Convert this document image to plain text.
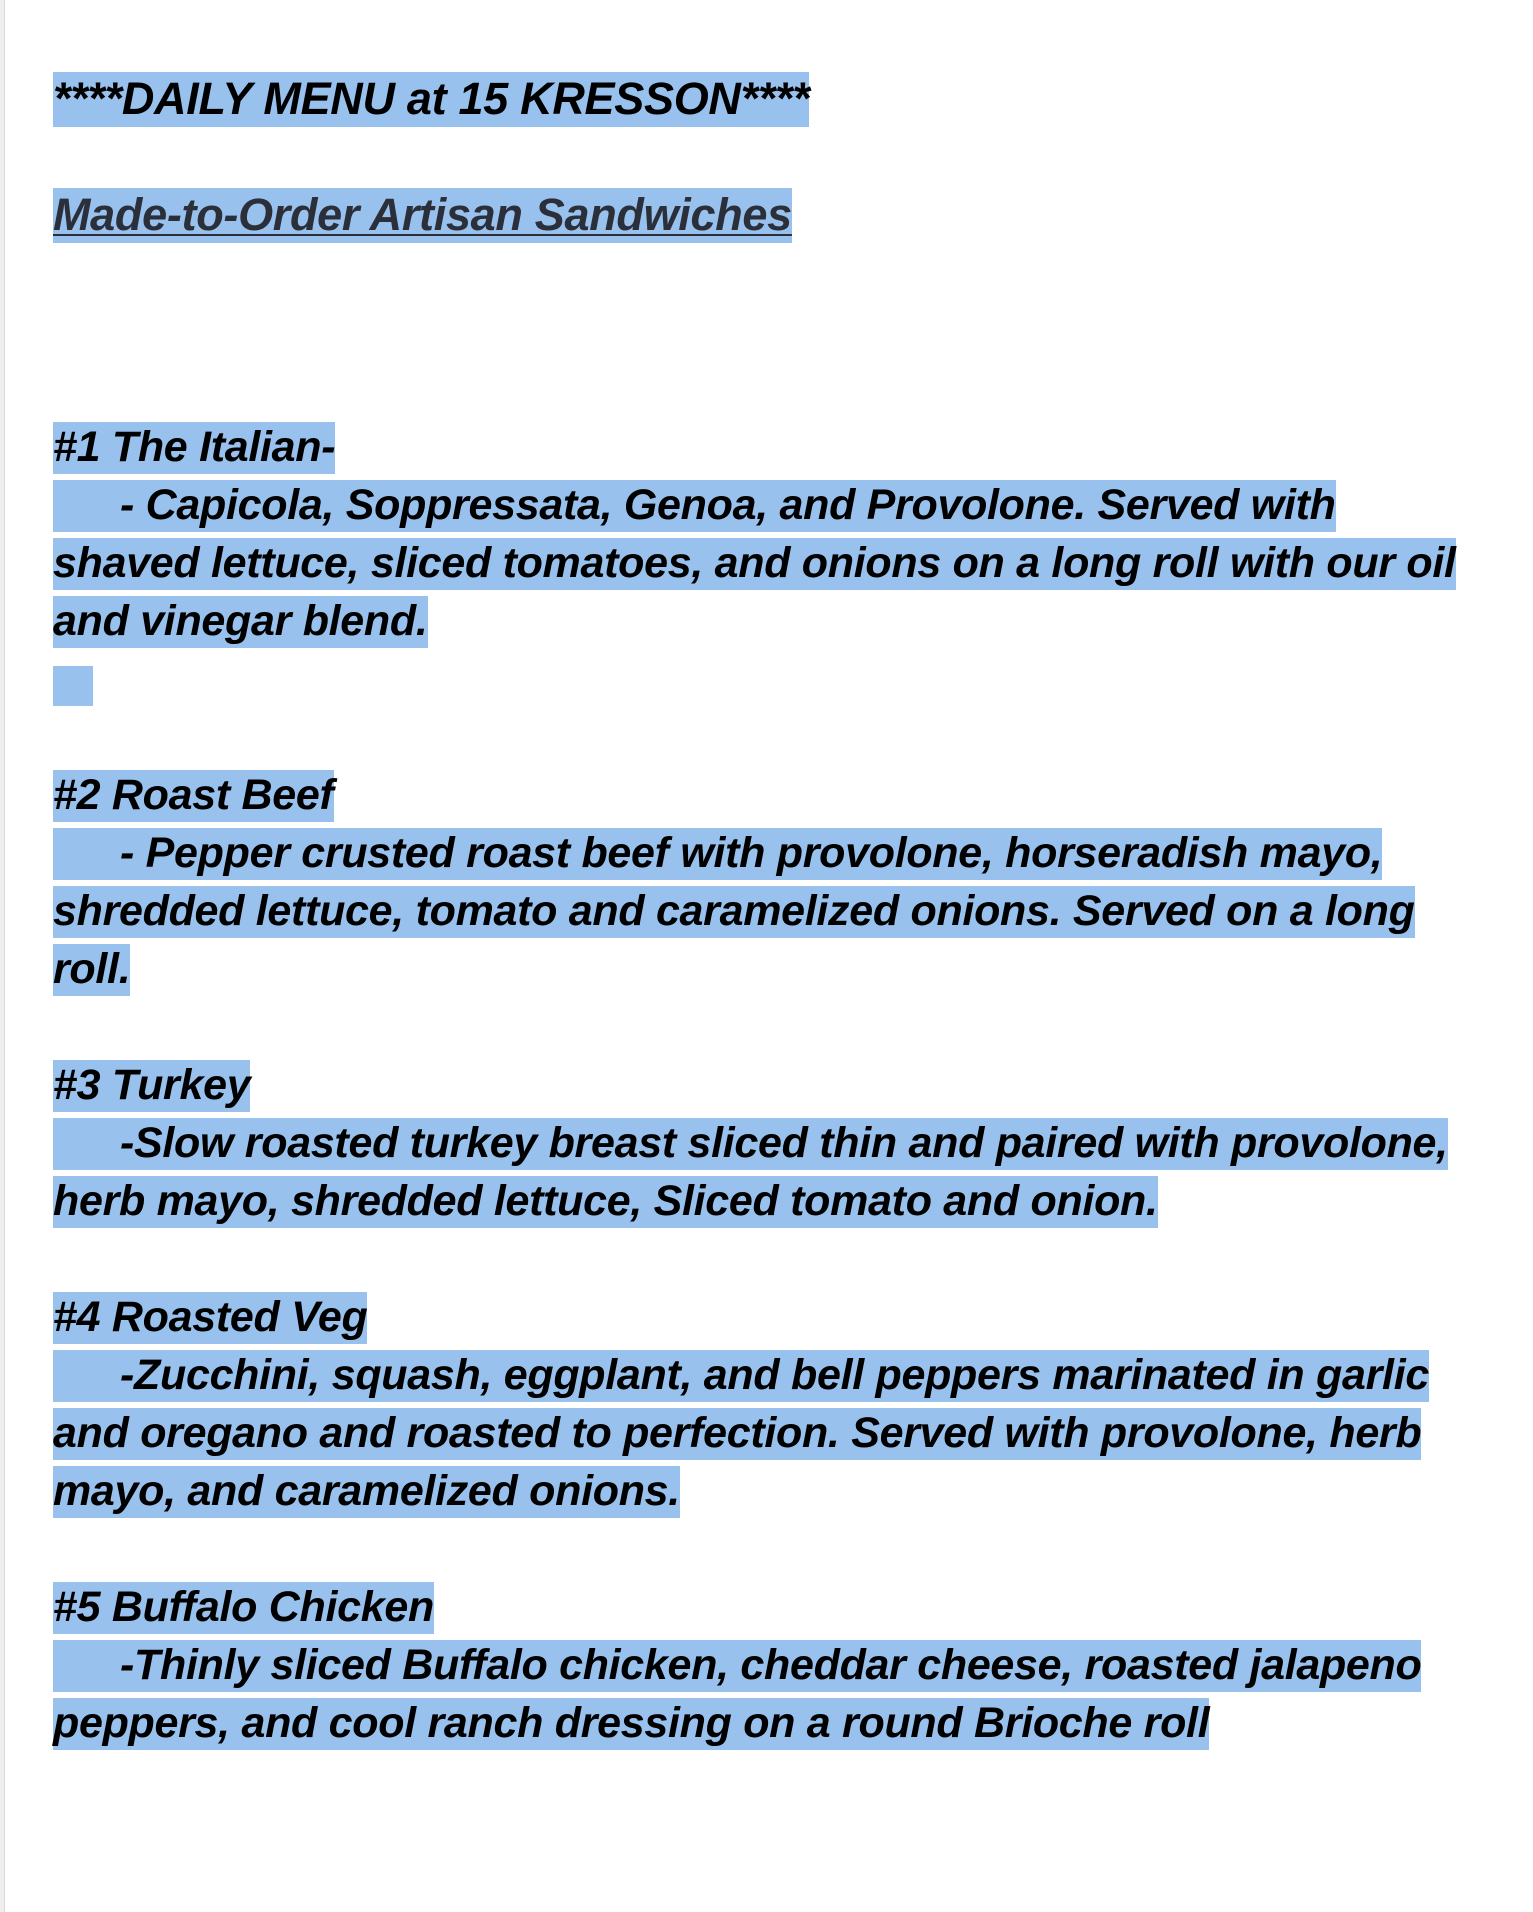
****DAILY MENU at 15 KRESSON****

Made-to-Order Artisan Sandwiches

#1 The Italian-
- Capicola, Soppressata, Genoa, and Provolone. Served with shaved lettuce, sliced tomatoes, and onions on a long roll with our oil and vinegar blend.
#2 Roast Beef
- Pepper crusted roast beef with provolone, horseradish mayo, shredded lettuce, tomato and caramelized onions. Served on a long roll.
#3 Turkey
-Slow roasted turkey breast sliced thin and paired with provolone, herb mayo, shredded lettuce, Sliced tomato and onion.
#4 Roasted Veg
-Zucchini, squash, eggplant, and bell peppers marinated in garlic and oregano and roasted to perfection. Served with provolone, herb mayo, and caramelized onions.
#5 Buffalo Chicken
-Thinly sliced Buffalo chicken, cheddar cheese, roasted jalapeno peppers, and cool ranch dressing on a round Brioche roll
